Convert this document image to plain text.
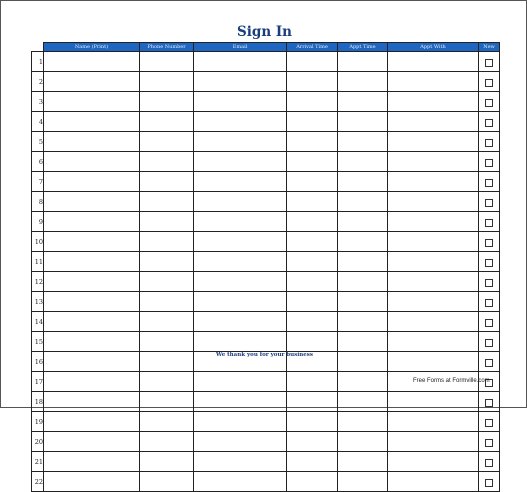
Sign In
	Name (Print)	Phone Number	Email	Arrival Time	Appt Time	Appt With	New
1							
2							
3							
4							
5							
6							
7							
8							
9							
10							
11							
12							
13							
14							
15							
16							
17							
18							
19							
20							
21							
22							
We thank you for your business
Free Forms at Formville.com
